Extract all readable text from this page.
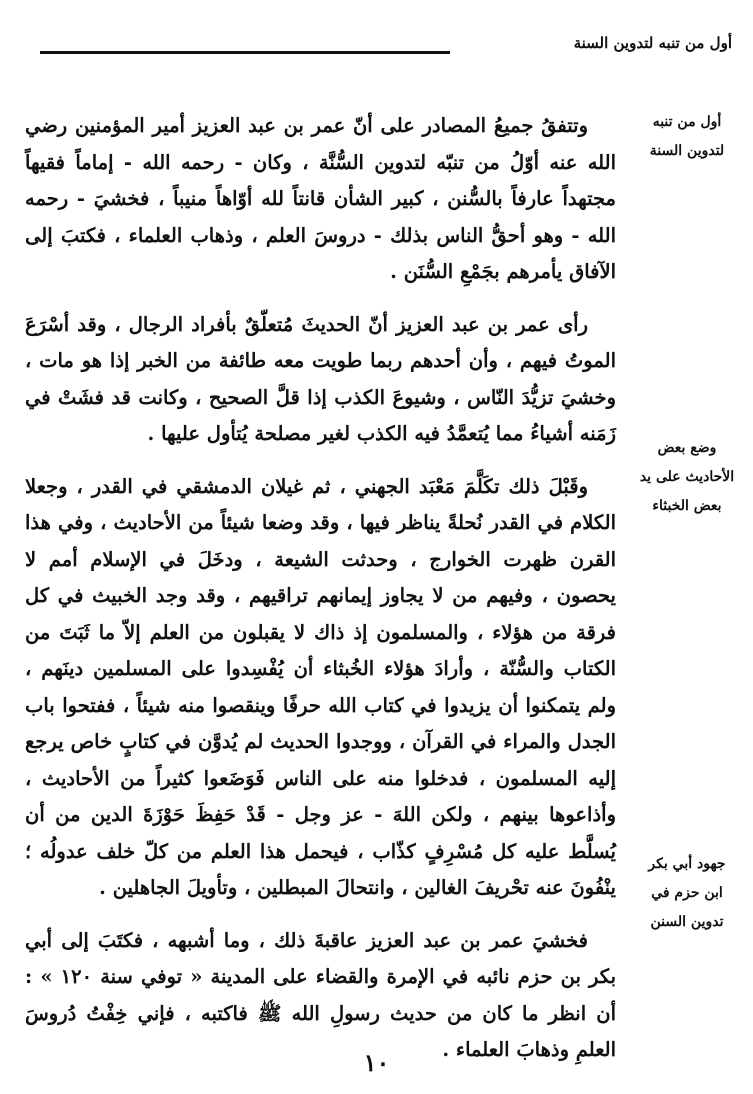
أول من تنبه لتدوين السنة
أول من تنبه لتدوين السنة
وضع بعض الأحاديث على يد بعض الخبثاء
جهود أبي بكر ابن حزم في تدوين السنن

وتتفقُ جميعُ المصادر على أنّ عمر بن عبد العزيز أمير المؤمنين رضي الله عنه أوّلُ من تنبّه لتدوين السُّنَّة ، وكان - رحمه الله - إماماً فقيهاً مجتهداً عارفاً بالسُّنن ، كبير الشأن قانتاً لله أوّاهاً منيباً ، فخشيَ - رحمه الله - وهو أحقُّ الناس بذلك - دروسَ العلم ، وذهاب العلماء ، فكتبَ إلى الآفاق يأمرهم بجَمْعِ السُّنَن .

رأى عمر بن عبد العزيز أنّ الحديثَ مُتعلّقٌ بأفراد الرجال ، وقد أسْرَعَ الموتُ فيهم ، وأن أحدهم ربما طويت معه طائفة من الخبر إذا هو مات ، وخشيَ تزيُّدَ النّاس ، وشيوعَ الكذب إذا قلَّ الصحيح ، وكانت قد فشَتْ في زَمَنه أشياءُ مما يُتعمَّدُ فيه الكذب لغير مصلحة يُتأول عليها .

وقَبْلَ ذلك تكَلَّمَ مَعْبَد الجهني ، ثم غيلان الدمشقي في القدر ، وجعلا الكلام في القدر نُحلةً يناظر فيها ، وقد وضعا شيئاً من الأحاديث ، وفي هذا القرن ظهرت الخوارج ، وحدثت الشيعة ، ودخَلَ في الإسلام أمم لا يحصون ، وفيهم من لا يجاوز إيمانهم تراقيهم ، وقد وجد الخبيث في كل فرقة من هؤلاء ، والمسلمون إذ ذاك لا يقبلون من العلم إلاّ ما ثَبَتَ من الكتاب والسُّنّة ، وأرادَ هؤلاء الخُبثاء أن يُفْسِدوا على المسلمين دينَهم ، ولم يتمكنوا أن يزيدوا في كتاب الله حرفًا وينقصوا منه شيئاً ، ففتحوا باب الجدل والمراء في القرآن ، ووجدوا الحديث لم يُدوَّن في كتابٍ خاص يرجع إليه المسلمون ، فدخلوا منه على الناس فَوَضَعوا كثيراً من الأحاديث ، وأذاعوها بينهم ، ولكن اللهَ - عز وجل - قَدْ حَفِظَ حَوْزَةَ الدين من أن يُسلَّط عليه كل مُسْرِفٍ كذّاب ، فيحمل هذا العلم من كلّ خلف عدولُه ؛ ينْفُونَ عنه تحْريفَ الغالين ، وانتحالَ المبطلين ، وتأويلَ الجاهلين .

فخشيَ عمر بن عبد العزيز عاقبةَ ذلك ، وما أشبهه ، فكتَبَ إلى أبي بكر بن حزم نائبه في الإمرة والقضاء على المدينة « توفي سنة ١٢٠ » : أن انظر ما كان من حديث رسولِ الله ﷺ فاكتبه ، فإني خِفْتُ دُروسَ العلمِ وذهابَ العلماء .

١٠
